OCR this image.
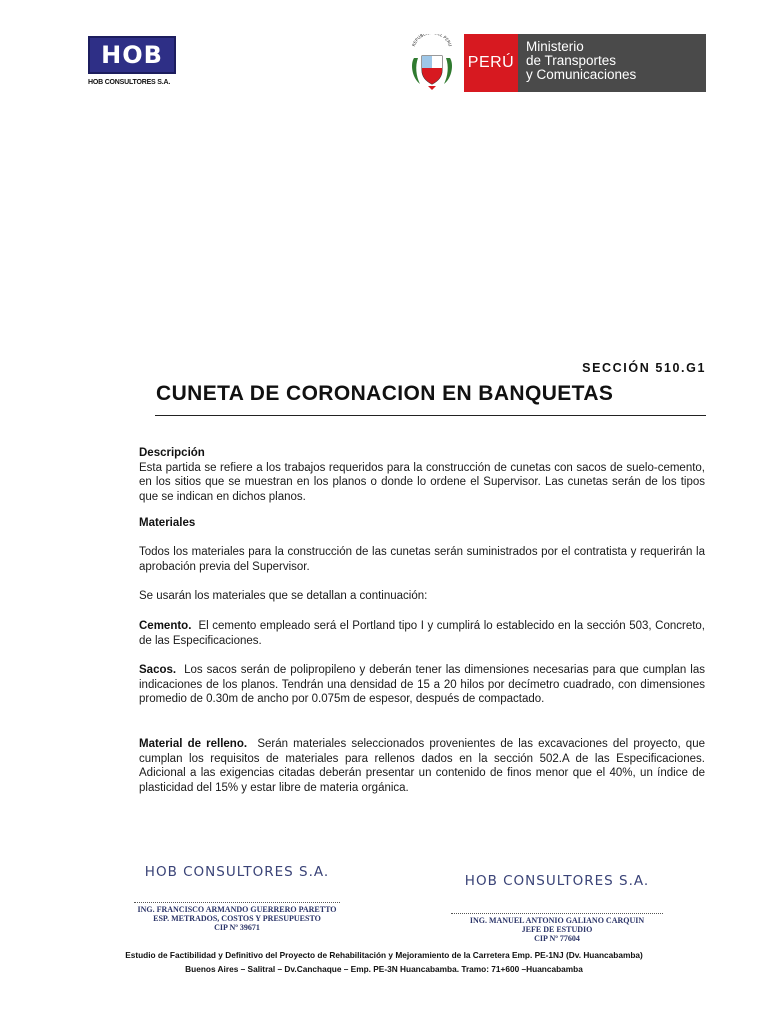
HOB
HOB CONSULTORES S.A.
REPUBL L PERU
PERÚ
Ministerio
de Transportes
y Comunicaciones
SECCIÓN 510.G1
CUNETA DE CORONACION EN BANQUETAS
Descripción
Esta partida se refiere a los trabajos requeridos para la construcción de cunetas con sacos de suelo-cemento, en los sitios que se muestran en los planos o donde lo ordene el Supervisor. Las cunetas serán de los tipos que se indican en dichos planos.
Materiales
Todos los materiales para la construcción de las cunetas serán suministrados por el contratista y requerirán la aprobación previa del Supervisor.
Se usarán los materiales que se detallan a continuación:
Cemento. El cemento empleado será el Portland tipo I y cumplirá lo establecido en la sección 503, Concreto, de las Especificaciones.
Sacos. Los sacos serán de polipropileno y deberán tener las dimensiones necesarias para que cumplan las indicaciones de los planos. Tendrán una densidad de 15 a 20 hilos por decímetro cuadrado, con dimensiones promedio de 0.30m de ancho por 0.075m de espesor, después de compactado.
Material de relleno. Serán materiales seleccionados provenientes de las excavaciones del proyecto, que cumplan los requisitos de materiales para rellenos dados en la sección 502.A de las Especificaciones. Adicional a las exigencias citadas deberán presentar un contenido de finos menor que el 40%, un índice de plasticidad del 15% y estar libre de materia orgánica.
HOB CONSULTORES S.A.
ING. FRANCISCO ARMANDO GUERRERO PARETTO
ESP. METRADOS, COSTOS Y PRESUPUESTO
CIP Nº 39671
HOB CONSULTORES S.A.
ING. MANUEL ANTONIO GALIANO CARQUIN
JEFE DE ESTUDIO
CIP Nº 77604
Estudio de Factibilidad y Definitivo del Proyecto de Rehabilitación y Mejoramiento de la Carretera Emp. PE-1NJ (Dv. Huancabamba)
Buenos Aires – Salitral – Dv.Canchaque – Emp. PE-3N Huancabamba. Tramo: 71+600 –Huancabamba
